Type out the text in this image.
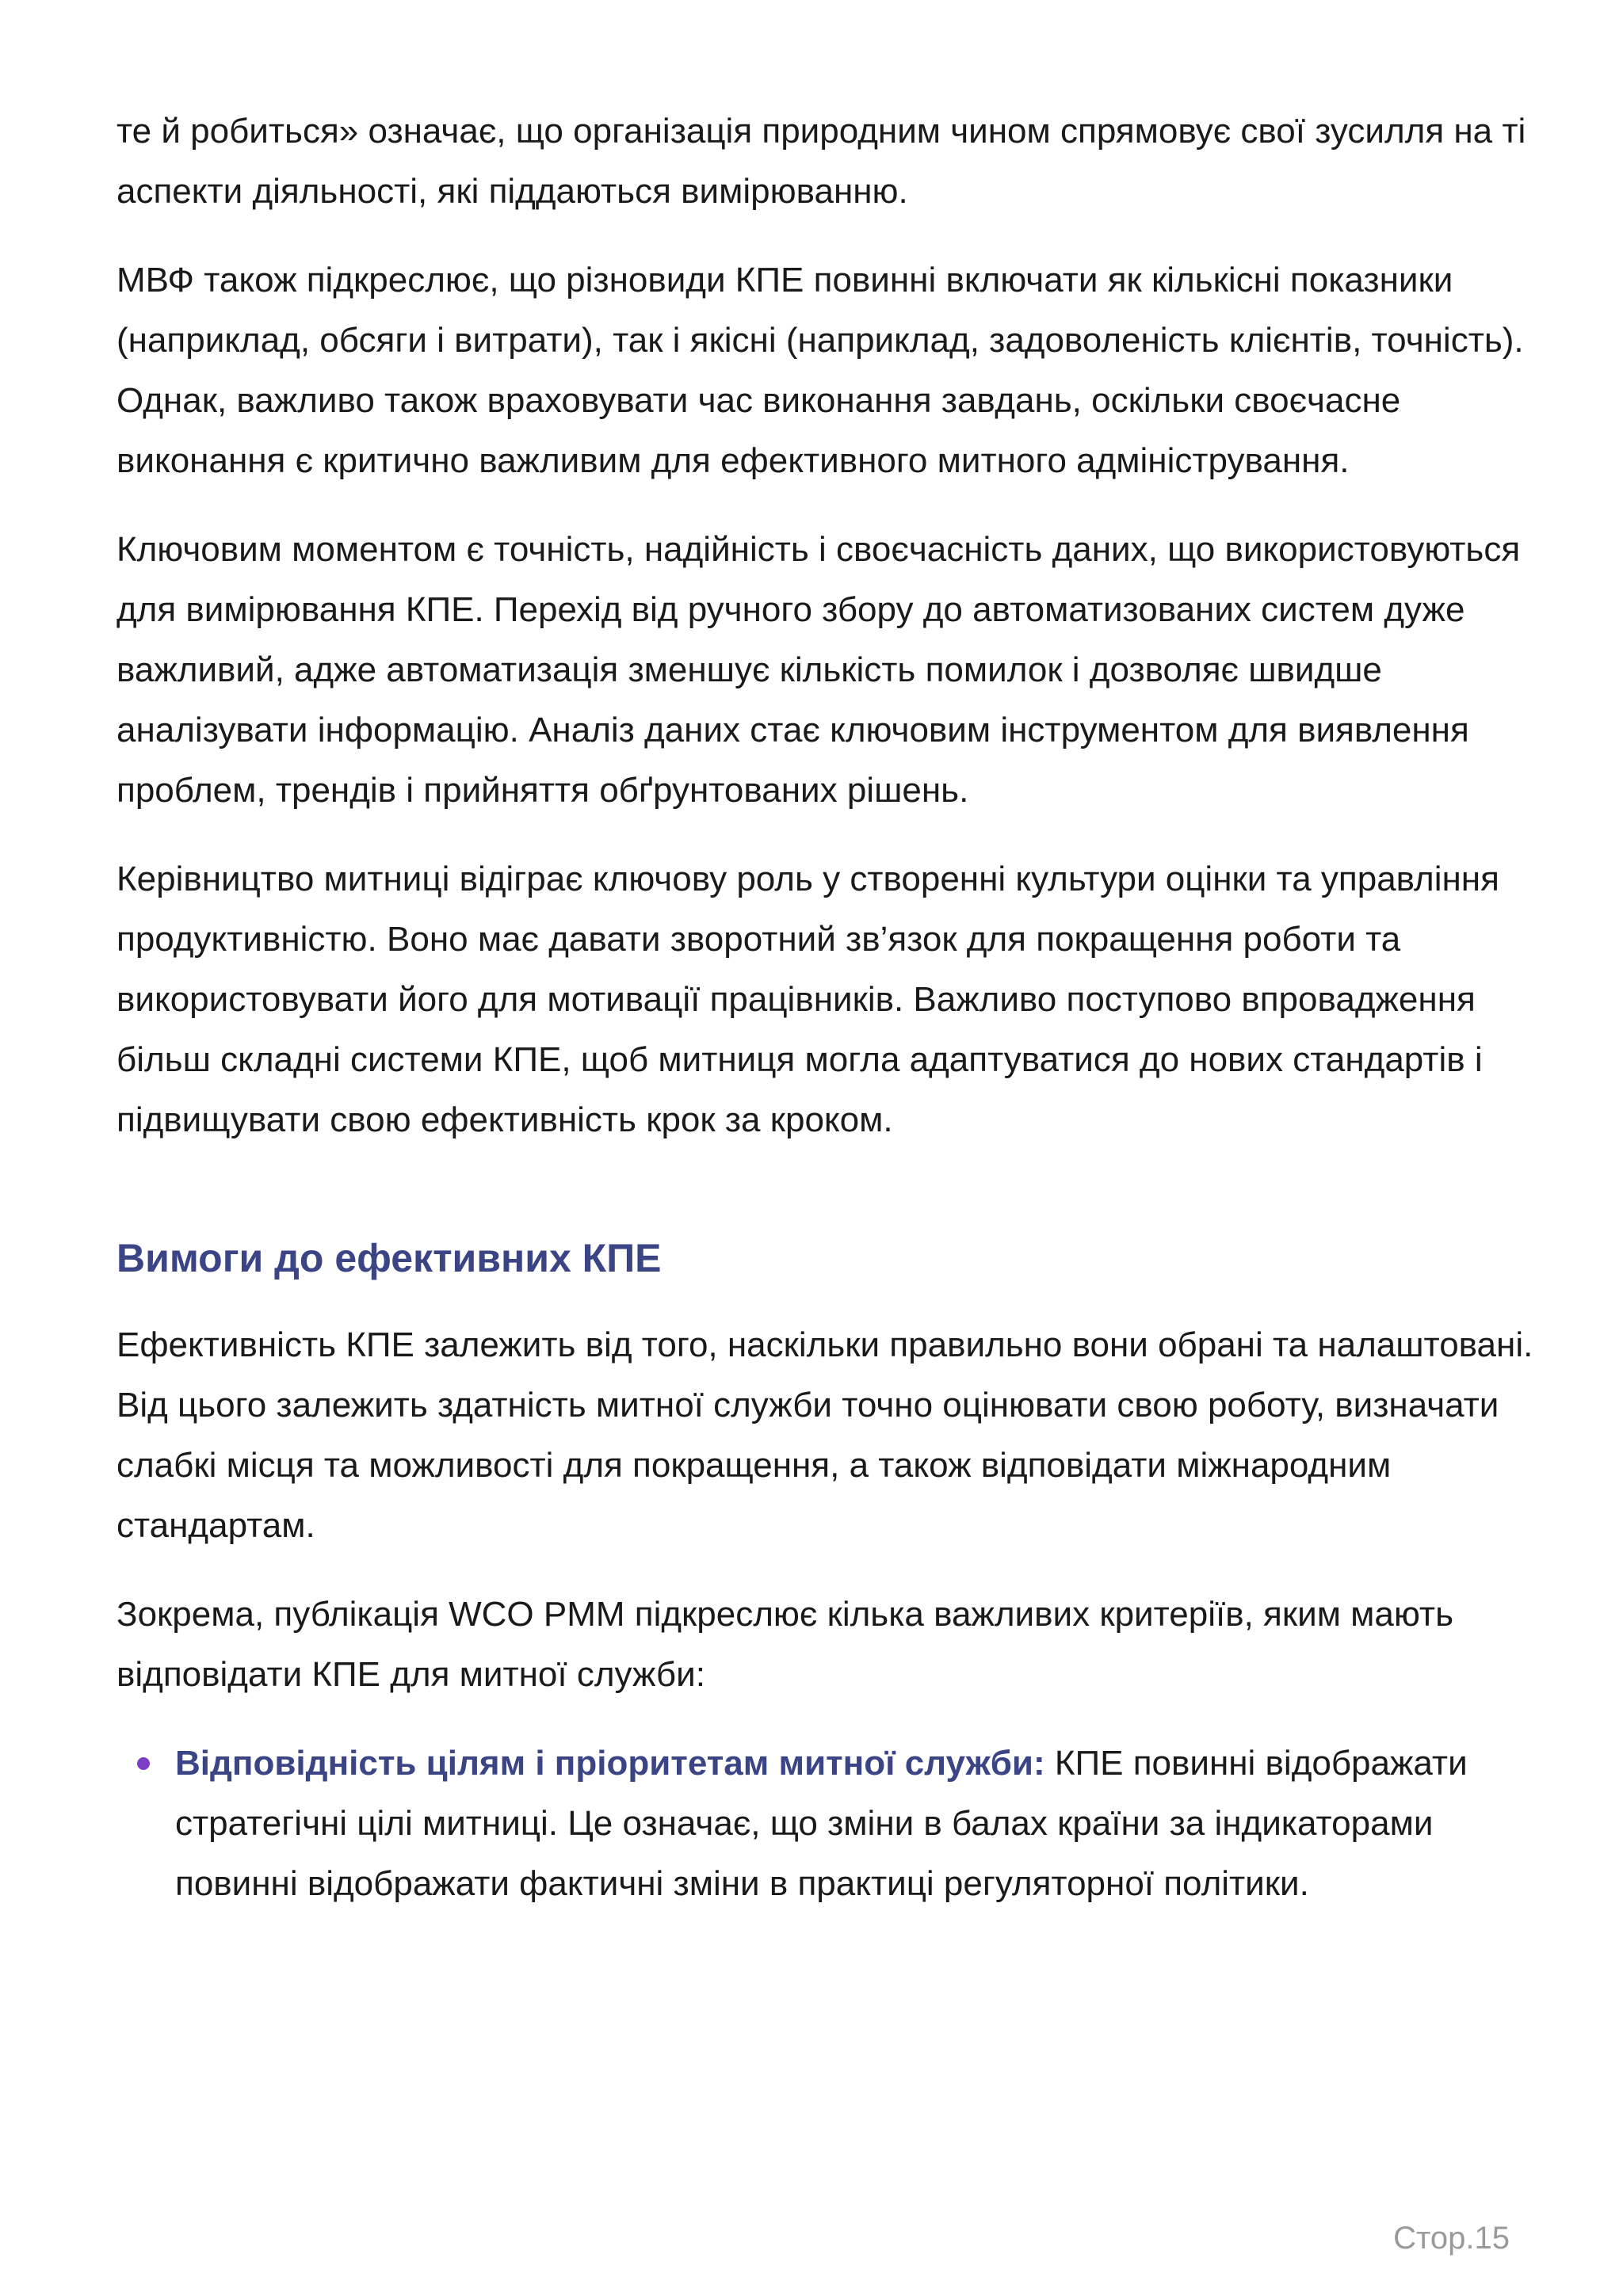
те й робиться» означає, що організація природним чином спрямовує свої зусилля на ті аспекти діяльності, які піддаються вимірюванню.

МВФ також підкреслює, що різновиди КПЕ повинні включати як кількісні показники (наприклад, обсяги і витрати), так і якісні (наприклад, задоволеність клієнтів, точність). Однак, важливо також враховувати час виконання завдань, оскільки своєчасне виконання є критично важливим для ефективного митного адміністрування.

Ключовим моментом є точність, надійність і своєчасність даних, що використовуються для вимірювання КПЕ. Перехід від ручного збору до автоматизованих систем дуже важливий, адже автоматизація зменшує кількість помилок і дозволяє швидше аналізувати інформацію. Аналіз даних стає ключовим інструментом для виявлення проблем, трендів і прийняття обґрунтованих рішень.

Керівництво митниці відіграє ключову роль у створенні культури оцінки та управління продуктивністю. Воно має давати зворотний зв’язок для покращення роботи та використовувати його для мотивації працівників. Важливо поступово впровадження більш складні системи КПЕ, щоб митниця могла адаптуватися до нових стандартів і підвищувати свою ефективність крок за кроком.

Вимоги до ефективних КПЕ

Ефективність КПЕ залежить від того, наскільки правильно вони обрані та налаштовані. Від цього залежить здатність митної служби точно оцінювати свою роботу, визначати слабкі місця та можливості для покращення, а також відповідати міжнародним стандартам.

Зокрема, публікація WCO PMM підкреслює кілька важливих критеріїв, яким мають відповідати КПЕ для митної служби:

Відповідність цілям і пріоритетам митної служби: КПЕ повинні відображати стратегічні цілі митниці. Це означає, що зміни в балах країни за індикаторами повинні відображати фактичні зміни в практиці регуляторної політики.
Стор.15
